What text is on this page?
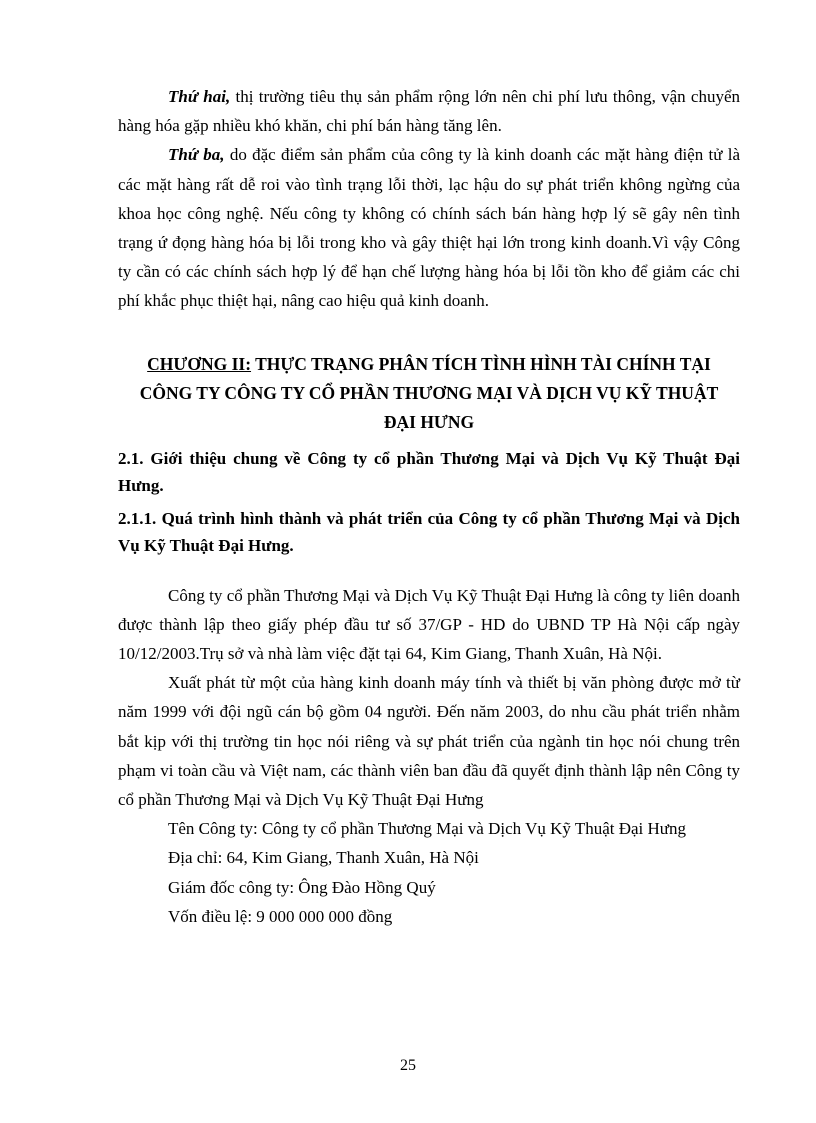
Thứ hai, thị trường tiêu thụ sản phẩm rộng lớn nên chi phí lưu thông, vận chuyển hàng hóa gặp nhiều khó khăn, chi phí bán hàng tăng lên.

Thứ ba, do đặc điểm sản phẩm của công ty là kinh doanh các mặt hàng điện tử là các mặt hàng rất dễ roi vào tình trạng lỗi thời, lạc hậu do sự phát triển không ngừng của khoa học công nghệ. Nếu công ty không có chính sách bán hàng hợp lý sẽ gây nên tình trạng ứ đọng hàng hóa bị lỗi trong kho và gây thiệt hại lớn trong kinh doanh.Vì vậy Công ty cần có các chính sách hợp lý để hạn chế lượng hàng hóa bị lỗi tồn kho để giảm các chi phí khắc phục thiệt hại, nâng cao hiệu quả kinh doanh.

CHƯƠNG II: THỰC TRẠNG PHÂN TÍCH TÌNH HÌNH TÀI CHÍNH TẠI CÔNG TY CÔNG TY CỔ PHẦN THƯƠNG MẠI VÀ DỊCH VỤ KỸ THUẬT ĐẠI HƯNG
2.1. Giới thiệu chung về Công ty cổ phần Thương Mại và Dịch Vụ Kỹ Thuật Đại Hưng.
2.1.1. Quá trình hình thành và phát triển của Công ty cổ phần Thương Mại và Dịch Vụ Kỹ Thuật Đại Hưng.

Công ty cổ phần Thương Mại và Dịch Vụ Kỹ Thuật Đại Hưng là công ty liên doanh được thành lập theo giấy phép đầu tư số 37/GP - HD do UBND TP Hà Nội cấp ngày 10/12/2003.Trụ sở và nhà làm việc đặt tại 64, Kim Giang, Thanh Xuân, Hà Nội.

Xuất phát từ một của hàng kinh doanh máy tính và thiết bị văn phòng được mở từ năm 1999 với đội ngũ cán bộ gồm 04 người. Đến năm 2003, do nhu cầu phát triển nhằm bắt kịp với thị trường tin học nói riêng và sự phát triển của ngành tin học nói chung trên phạm vi toàn cầu và Việt nam, các thành viên ban đầu đã quyết định thành lập nên Công ty cổ phần Thương Mại và Dịch Vụ Kỹ Thuật Đại Hưng

Tên Công ty: Công ty cổ phần Thương Mại và Dịch Vụ Kỹ Thuật Đại Hưng

Địa chỉ: 64, Kim Giang, Thanh Xuân, Hà Nội

Giám đốc công ty: Ông Đào Hồng Quý

Vốn điều lệ: 9 000 000 000 đồng

25
